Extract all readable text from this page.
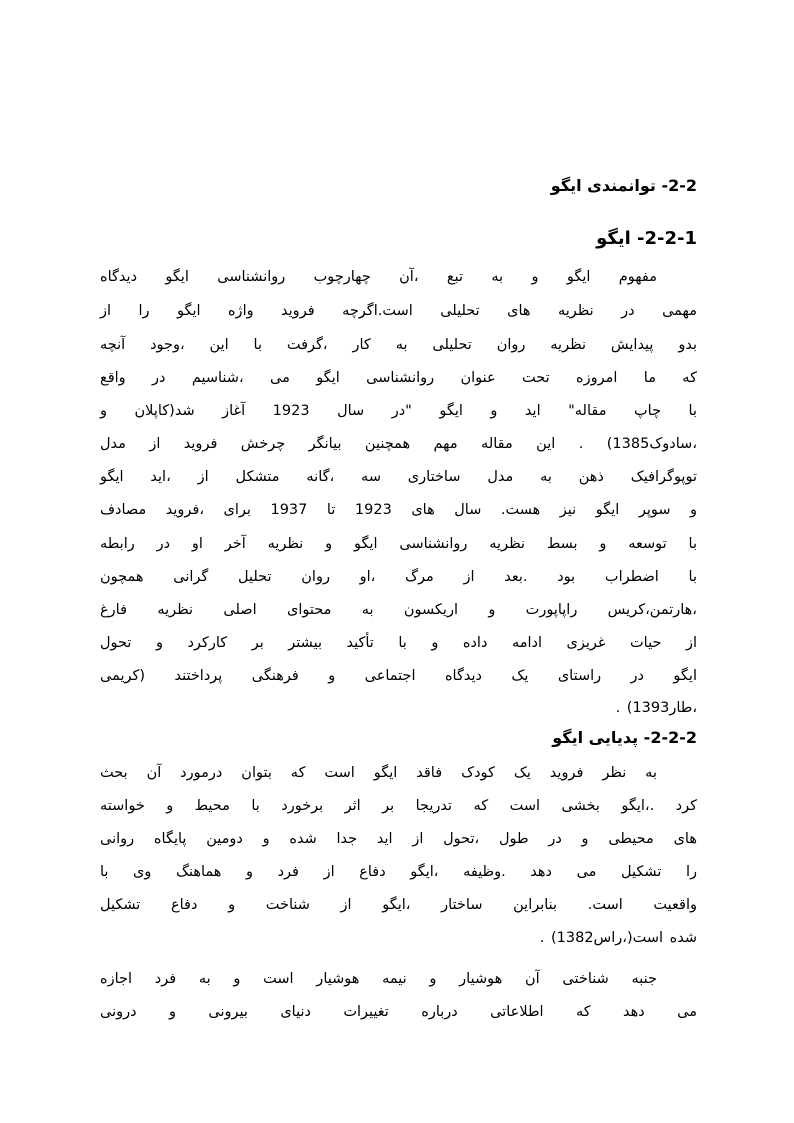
2-2- توانمندی ایگو
2-2-1- ایگو
مفهوم ایگو و به تبع ،آن چهارچوب روانشناسی ایگو دیدگاه
مهمی در نظریه های تحلیلی است.اگرچه فروید واژه ایگو را از
بدو پیدایش نظریه روان تحلیلی به کار ،گرفت با این ،وجود آنچه
که ما امروزه تحت عنوان روانشناسی ایگو می ،شناسیم در واقع
با چاپ مقاله" اید و ایگو "در سال 1923 آغاز شد(کاپلان و
،سادوک1385) . این مقاله مهم همچنین بیانگر چرخش فروید از مدل
توپوگرافیک ذهن به مدل ساختاری سه ،گانه متشکل از ،اید ایگو
و سوپر ایگو نیز هست. سال های 1923 تا 1937 برای ،فروید مصادف
با توسعه و بسط نظریه روانشناسی ایگو و نظریه آخر او در رابطه
با اضطراب بود .بعد از مرگ ،او روان تحلیل گرانی همچون
،هارتمن،کریس راپاپورت و اریکسون به محتوای اصلی نظریه فارغ
از حیات غریزی ادامه داده و با تأکید بیشتر بر کارکرد و تحول
ایگو در راستای یک دیدگاه اجتماعی و فرهنگی پرداختند (کریمی
،طار1393) .
2-2-2- پدیایی ایگو
به نظر فروید یک کودک فاقد ایگو است که بتوان درمورد آن بحث
کرد .،ایگو بخشی است که تدریجا بر اثر برخورد با محیط و خواسته
های محیطی و در طول ،تحول از اید جدا شده و دومین پایگاه روانی
را تشکیل می دهد .وظیفه ،ایگو دفاع از فرد و هماهنگ وی با
واقعیت است. بنابراین ساختار ،ایگو از شناخت و دفاع تشکیل
شده است(،راس1382) .
جنبه شناختی آن هوشیار و نیمه هوشیار است و به فرد اجازه
می دهد که اطلاعاتی درباره تغییرات دنیای بیرونی و درونی
